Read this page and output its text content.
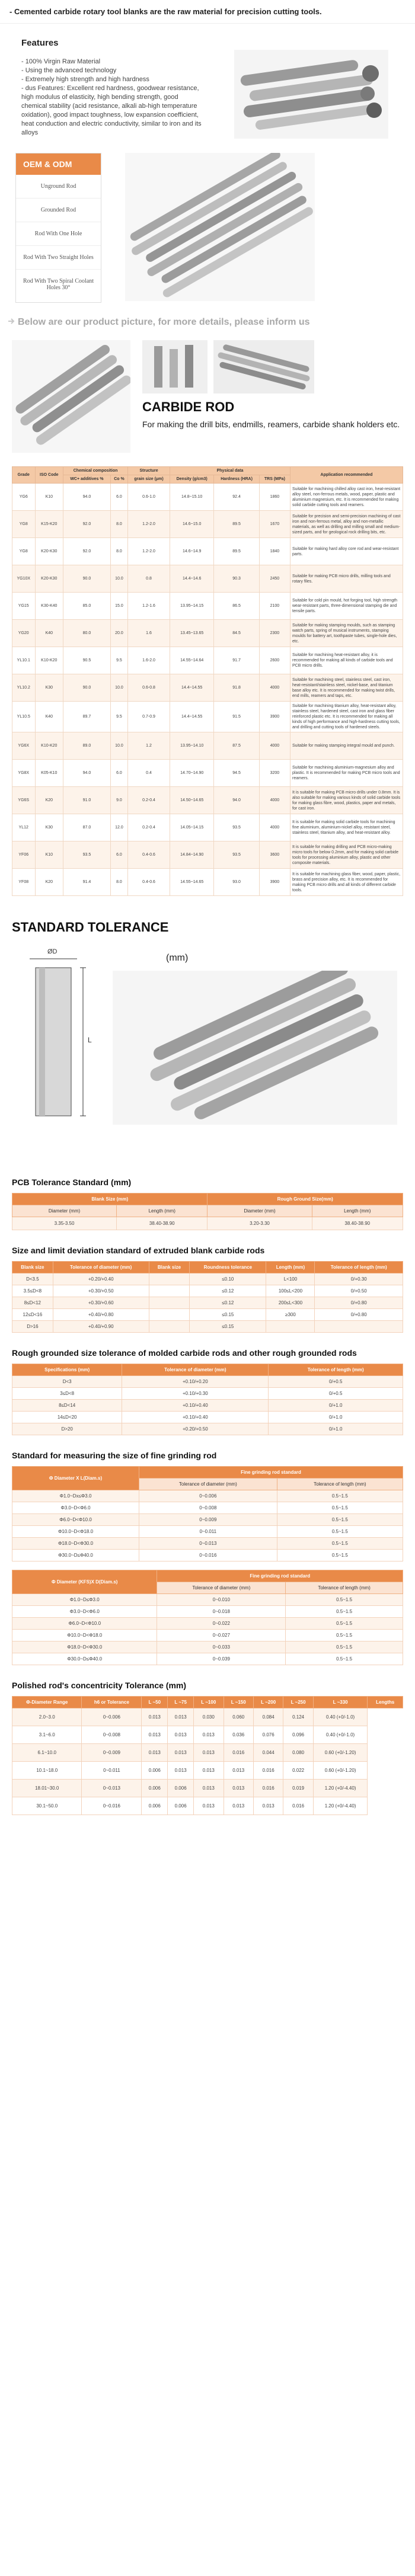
- Cemented carbide rotary tool blanks are the raw material for precision cutting tools.
Features
- 100% Virgin Raw Material
- Using the advanced technology
- Extremely high strength and high hardness
- dus Features: Excellent red hardness, goodwear resistance,
high modulus of elasticity, high bending strength, good
chemical stability (acid resistance, alkali ab-high temperature
oxidation), good impact toughness, low expansion coefficient,
heat conduction and electric conductivity, similar to iron and its
alloys
OEM & ODM
Unground Rod
Grounded Rod
Rod With One Hole
Rod With Two Straight Holes
Rod With Two Spiral Coolant Holes 30°
Below are our product picture, for more details, please inform us
CARBIDE ROD
For making the drill bits, endmills, reamers, carbide shank holders etc.
Grade	ISO Code	Chemical composition		Structure	Physical data			Application recommended
		WC+ additives %	Co %	grain size (μm)	Density (g/cm3)	Hardness (HRA)	TRS (MPa)	
YG6	K10	94.0	6.0	0.6-1.0	14.8~15.10	92.4	1860	Suitable for machining chilled alloy cast iron, heat-resistant alloy steel, non-ferrous metals, wood, paper, plastic and aluminium magnesium, etc. It is recommended for making solid carbide cutting tools and reamers.
YG8	K15-K20	92.0	8.0	1.2-2.0	14.6~15.0	89.5	1670	Suitable for precision and semi-precision machining of cast iron and non-ferrous metal, alloy and non-metallic materials, as well as drilling and milling small and medium-sized parts, and for geological rock drilling bits, etc.
YG8	K20-K30	92.0	8.0	1.2-2.0	14.6~14.9	89.5	1840	Suitable for making hard alloy core rod and wear-resistant parts.
YG10X	K20-K30	90.0	10.0	0.8	14.4~14.6	90.3	2450	Suitable for making PCB micro drills, milling tools and rotary files.
YG15	K30-K40	85.0	15.0	1.2-1.6	13.95~14.15	86.5	2100	Suitable for cold pin mould, hot forging tool, high strength wear-resistant parts, three-dimensional stamping die and tensile parts.
YG20	K40	80.0	20.0	1.6	13.45~13.65	84.5	2300	Suitable for making stamping moulds, such as stamping watch parts, spring of musical instruments, stamping moulds for battery art, toothpaste tubes, single-hole dies, etc.
YL10.1	K10-K20	90.5	9.5	1.6-2.0	14.55~14.64	91.7	2600	Suitable for machining heat-resistant alloy, it is recommended for making all kinds of carbide tools and PCB micro drills.
YL10.2	K30	90.0	10.0	0.6-0.8	14.4~14.55	91.8	4000	Suitable for machining steel, stainless steel, cast iron, heat-resistant/stainless steel, nickel-base, and titanium base alloy etc. It is recommended for making twist drills, end mills, reamers and taps, etc.
YL10.5	K40	89.7	9.5	0.7-0.9	14.4~14.55	91.5	3900	Suitable for machining titanium alloy, heat-resistant alloy, stainless steel, hardened steel, cast iron and glass fiber reinforced plastic etc. It is recommended for making all kinds of high performance and high-hardness cutting tools, and drilling and cutting tools of hardened steels.
YG6X	K10-K20	89.0	10.0	1.2	13.95~14.10	87.5	4000	Suitable for making stamping integral mould and punch.
YG8X	K05-K10	94.0	6.0	0.4	14.70~14.90	94.5	3200	Suitable for machining aluminium-magnesium alloy and plastic. It is recommended for making PCB micro tools and reamers.
YG6S	K20	91.0	9.0	0.2-0.4	14.50~14.65	94.0	4000	It is suitable for making PCB micro drills under 0.8mm. It is also suitable for making various kinds of solid carbide tools for making glass fibre, wood, plastics, paper and metals, for cast iron.
YL12	K30	87.0	12.0	0.2-0.4	14.05~14.15	93.5	4000	It is suitable for making solid carbide tools for machining fine aluminium, aluminium-nickel alloy, resistant steel, stainless steel, titanium alloy, and heat-resistant alloy.
YF06	K10	93.5	6.0	0.4-0.6	14.84~14.90	93.5	3600	It is suitable for making drilling and PCB micro-making micro tools for below 0.2mm, and for making solid carbide tools for processing aluminium alloy, plastic and other composite materials.
YF08	K20	91.4	8.0	0.4-0.6	14.55~14.65	93.0	3900	It is suitable for machining glass fiber, wood, paper, plastic, brass and precision alloy, etc. It is recommended for making PCB micro drills and all kinds of different carbide tools.
STANDARD TOLERANCE
ØD
L
(mm)
PCB Tolerance Standard (mm)
Blank Size (mm)		Rough Ground Size(mm)	
Diameter (mm)	Length (mm)	Diameter (mm)	Length (mm)
3.35-3.50	38.40-38.90	3.20-3.30	38.40-38.90
Size and limit deviation standard of extruded blank carbide rods
Blank size	Tolerance of diameter (mm)	Blank size	Roundness tolerance	Length (mm)	Tolerance of length (mm)
D<3.5	+0.20/+0.40		≤0.10	L<100	0/+0.30
3.5≤D<8	+0.30/+0.50		≤0.12	100≤L<200	0/+0.50
8≤D<12	+0.30/+0.60		≤0.12	200≤L<300	0/+0.80
12≤D<16	+0.40/+0.80		≤0.15	≥300	0/+0.80
D>16	+0.40/+0.90		≤0.15		
Rough grounded size tolerance of molded carbide rods and other rough grounded rods
Specifications (mm)	Tolerance of diameter (mm)	Tolerance of length (mm)
D<3	+0.10/+0.20	0/+0.5
3≤D<8	+0.10/+0.30	0/+0.5
8≤D<14	+0.10/+0.40	0/+1.0
14≤D<20	+0.10/+0.40	0/+1.0
D>20	+0.20/+0.50	0/+1.0
Standard for measuring the size of fine grinding rod
Φ Diameter X L(Diam.s)	Fine grinding rod standard	
	Tolerance of diameter (mm)	Tolerance of length (mm)
Φ1.0~Dx≤Φ3.0	0~0.006	0.5~1.5
Φ3.0~D<Φ6.0	0~0.008	0.5~1.5
Φ6.0~D<Φ10.0	0~0.009	0.5~1.5
Φ10.0~D<Φ18.0	0~0.011	0.5~1.5
Φ18.0~D<Φ30.0	0~0.013	0.5~1.5
Φ30.0~D≤Φ40.0	0~0.016	0.5~1.5
Φ Diameter (KFS)X D(Diam.s)	Fine grinding rod standard	
	Tolerance of diameter (mm)	Tolerance of length (mm)
Φ1.0~D≤Φ3.0	0~0.010	0.5~1.5
Φ3.0~D<Φ6.0	0~0.018	0.5~1.5
Φ6.0~D<Φ10.0	0~0.022	0.5~1.5
Φ10.0~D<Φ18.0	0~0.027	0.5~1.5
Φ18.0~D<Φ30.0	0~0.033	0.5~1.5
Φ30.0~D≤Φ40.0	0~0.039	0.5~1.5
Polished rod's concentricity Tolerance (mm)
Φ-Diameter Range	h6 or Tolerance	L ~50	L ~75	L ~100	L ~150	L ~200	L ~250	L ~330	Lengths
2.0~3.0	0~0.006	0.013	0.013	0.030	0.060	0.084	0.124	0.40 (+0/-1.0)	
3.1~6.0	0~0.008	0.013	0.013	0.013	0.036	0.076	0.096	0.40 (+0/-1.0)	
6.1~10.0	0~0.009	0.013	0.013	0.013	0.016	0.044	0.080	0.60 (+0/-1.20)	
10.1~18.0	0~0.011	0.006	0.013	0.013	0.013	0.016	0.022	0.60 (+0/-1.20)	
18.01~30.0	0~0.013	0.006	0.006	0.013	0.013	0.016	0.019	1.20 (+0/-4.40)	
30.1~50.0	0~0.016	0.006	0.006	0.013	0.013	0.013	0.016	1.20 (+0/-4.40)	
